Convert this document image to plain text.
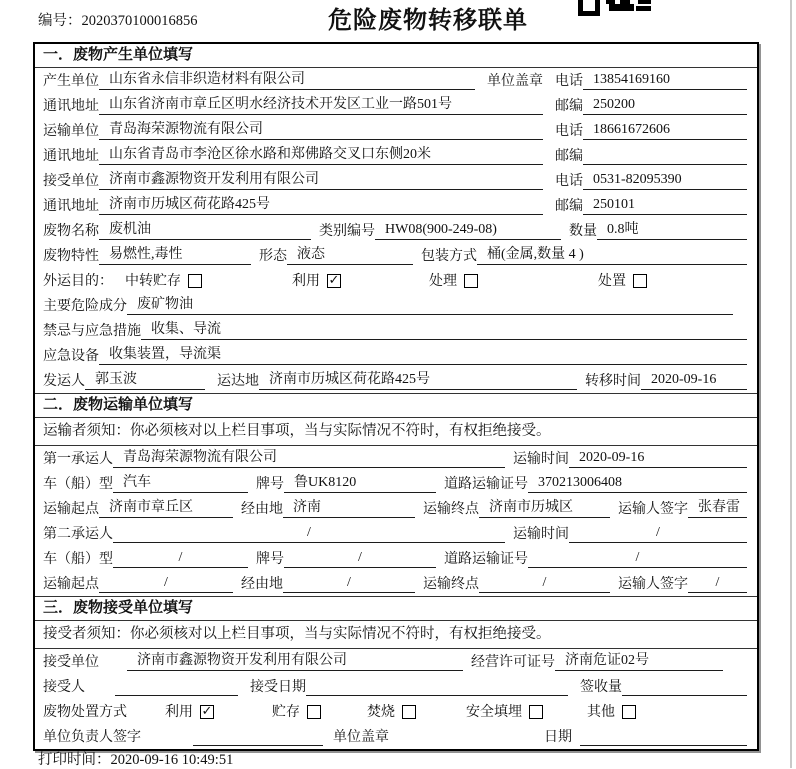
编号：2020370100016856	危险废物转移联单
一．废物产生单位填写
产生单位 山东省永信非织造材料有限公司	单位盖章 电话 13854169160
通讯地址 山东省济南市章丘区明水经济技术开发区工业一路501号	邮编 250200
运输单位 青岛海荣源物流有限公司	电话 18661672606
通讯地址 山东省青岛市李沧区徐水路和郑佛路交叉口东侧20米	邮编
接受单位 济南市鑫源物资开发利用有限公司	电话 0531-82095390
通讯地址 济南市历城区荷花路425号	邮编 250101
废物名称 废机油	类别编号 HW08(900-249-08)	数量 0.8吨
废物特性 易燃性,毒性	形态 液态	包装方式 桶(金属,数量 4 )
外运目的： 中转贮存	利用 ✓	处理	处置
主要危险成分 废矿物油
禁忌与应急措施 收集、导流
应急设备 收集装置，导流渠
发运人 郭玉波	运达地 济南市历城区荷花路425号	转移时间 2020-09-16
二．废物运输单位填写
运输者须知：你必须核对以上栏目事项，当与实际情况不符时，有权拒绝接受。
第一承运人 青岛海荣源物流有限公司	运输时间 2020-09-16
车（船）型 汽车	牌号 鲁UK8120	道路运输证号 370213006408
运输起点 济南市章丘区	经由地 济南	运输终点 济南市历城区	运输人签字 张春雷
第二承运人	/	运输时间	/
车（船）型	/	牌号	/	道路运输证号	/
运输起点	/	经由地	/	运输终点	/	运输人签字	/
三．废物接受单位填写
接受者须知：你必须核对以上栏目事项，当与实际情况不符时，有权拒绝接受。
接受单位	济南市鑫源物资开发利用有限公司	经营许可证号 济南危证02号
接受人	接受日期	签收量
废物处置方式	利用 ✓	贮存	焚烧	安全填埋	其他
单位负责人签字	单位盖章	日期
打印时间：2020-09-16 10:49:51
